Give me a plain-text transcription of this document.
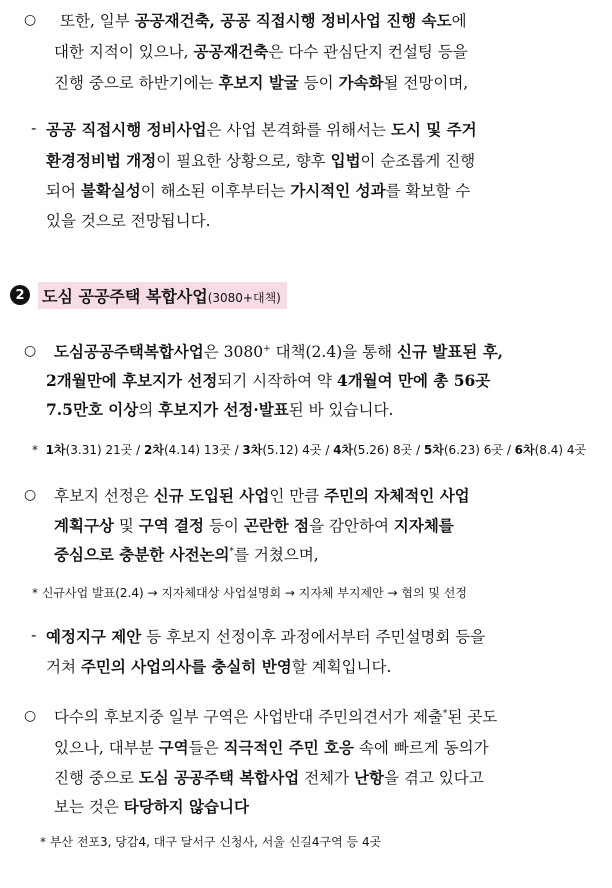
○ 또한, 일부 공공재건축, 공공 직접시행 정비사업 진행 속도에
대한 지적이 있으나, 공공재건축은 다수 관심단지 컨설팅 등을
진행 중으로 하반기에는 후보지 발굴 등이 가속화될 전망이며,
- 공공 직접시행 정비사업은 사업 본격화를 위해서는 도시 및 주거
환경정비법 개정이 필요한 상황으로, 향후 입법이 순조롭게 진행
되어 불확실성이 해소된 이후부터는 가시적인 성과를 확보할 수
있을 것으로 전망됩니다.
2	도심 공공주택 복합사업(3080+대책)
○ 도심공공주택복합사업은 3080+ 대책(2.4)을 통해 신규 발표된 후,
2개월만에 후보지가 선정되기 시작하여 약 4개월여 만에 총 56곳
7.5만호 이상의 후보지가 선정·발표된 바 있습니다.
* 1차(3.31) 21곳 / 2차(4.14) 13곳 / 3차(5.12) 4곳 / 4차(5.26) 8곳 / 5차(6.23) 6곳 / 6차(8.4) 4곳
○ 후보지 선정은 신규 도입된 사업인 만큼 주민의 자체적인 사업
계획구상 및 구역 결정 등이 곤란한 점을 감안하여 지자체를
중심으로 충분한 사전논의*를 거쳤으며,
* 신규사업 발표(2.4) → 지자체대상 사업설명회 → 지자체 부지제안 → 협의 및 선정
- 예정지구 제안 등 후보지 선정이후 과정에서부터 주민설명회 등을
거쳐 주민의 사업의사를 충실히 반영할 계획입니다.
○ 다수의 후보지중 일부 구역은 사업반대 주민의견서가 제출*된 곳도
있으나, 대부분 구역들은 직극적인 주민 호응 속에 빠르게 동의가
진행 중으로 도심 공공주택 복합사업 전체가 난항을 겪고 있다고
보는 것은 타당하지 않습니다
* 부산 전포3, 당감4, 대구 달서구 신청사, 서울 신길4구역 등 4곳
